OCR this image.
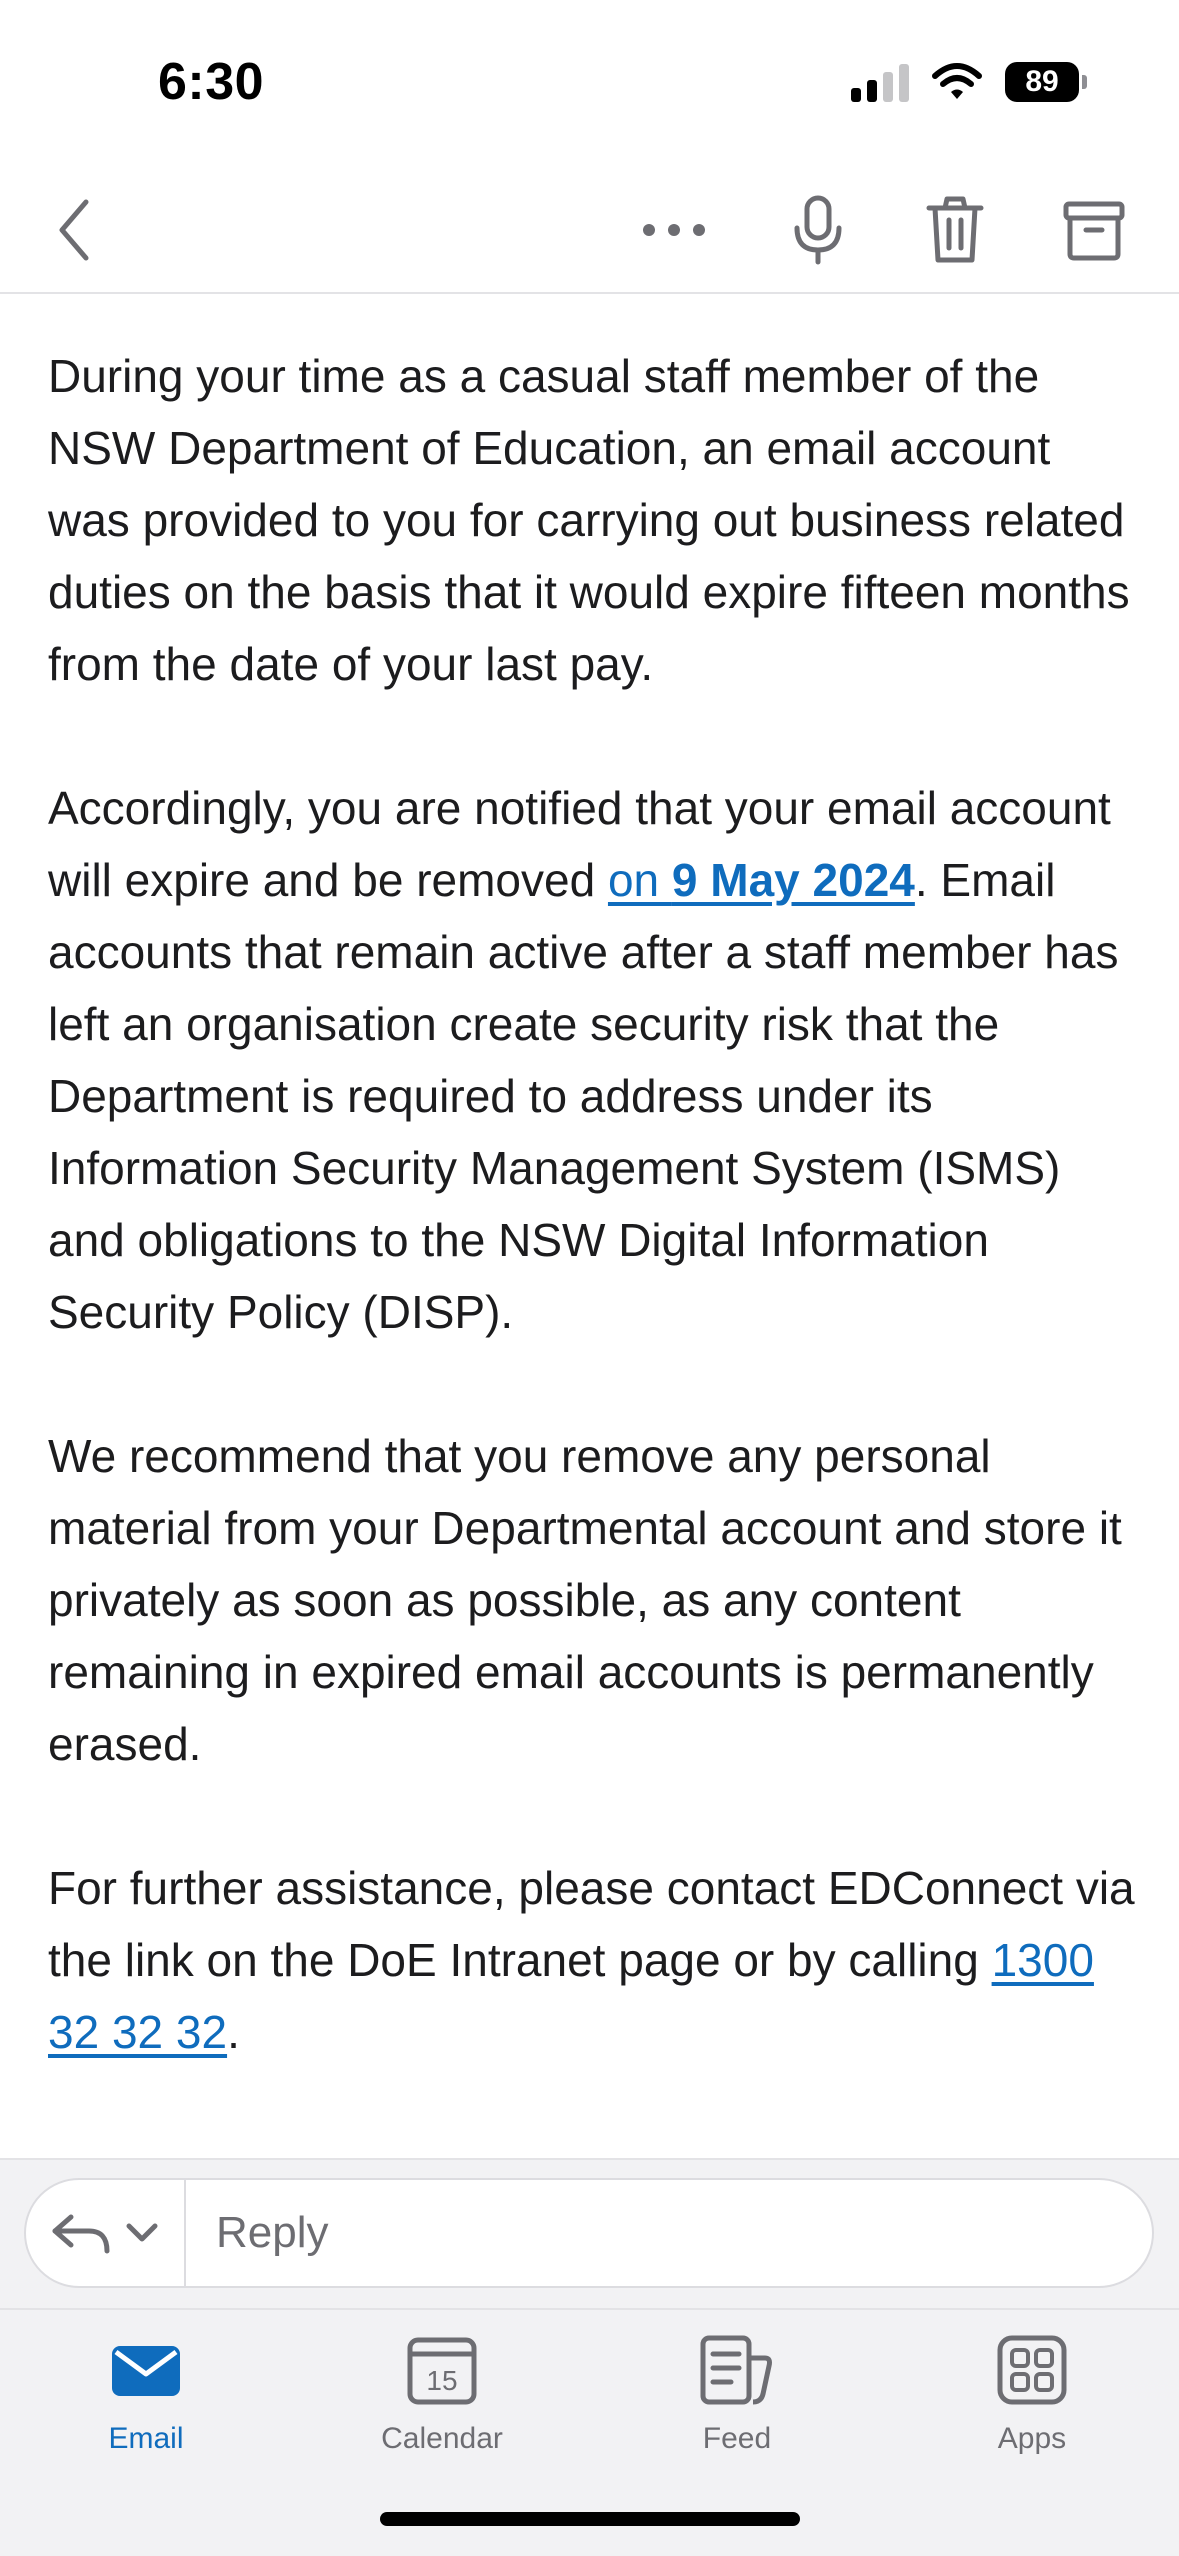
6:30	89

During your time as a casual staff member of the NSW Department of Education, an email account was provided to you for carrying out business related duties on the basis that it would expire fifteen months from the date of your last pay.

Accordingly, you are notified that your email account will expire and be removed on 9 May 2024. Email accounts that remain active after a staff member has left an organisation create security risk that the Department is required to address under its Information Security Management System (ISMS) and obligations to the NSW Digital Information Security Policy (DISP).

We recommend that you remove any personal material from your Departmental account and store it privately as soon as possible, as any content remaining in expired email accounts is permanently erased.

For further assistance, please contact EDConnect via the link on the DoE Intranet page or by calling 1300 32 32 32.

Reply
Email
15
Calendar	Feed	Apps
